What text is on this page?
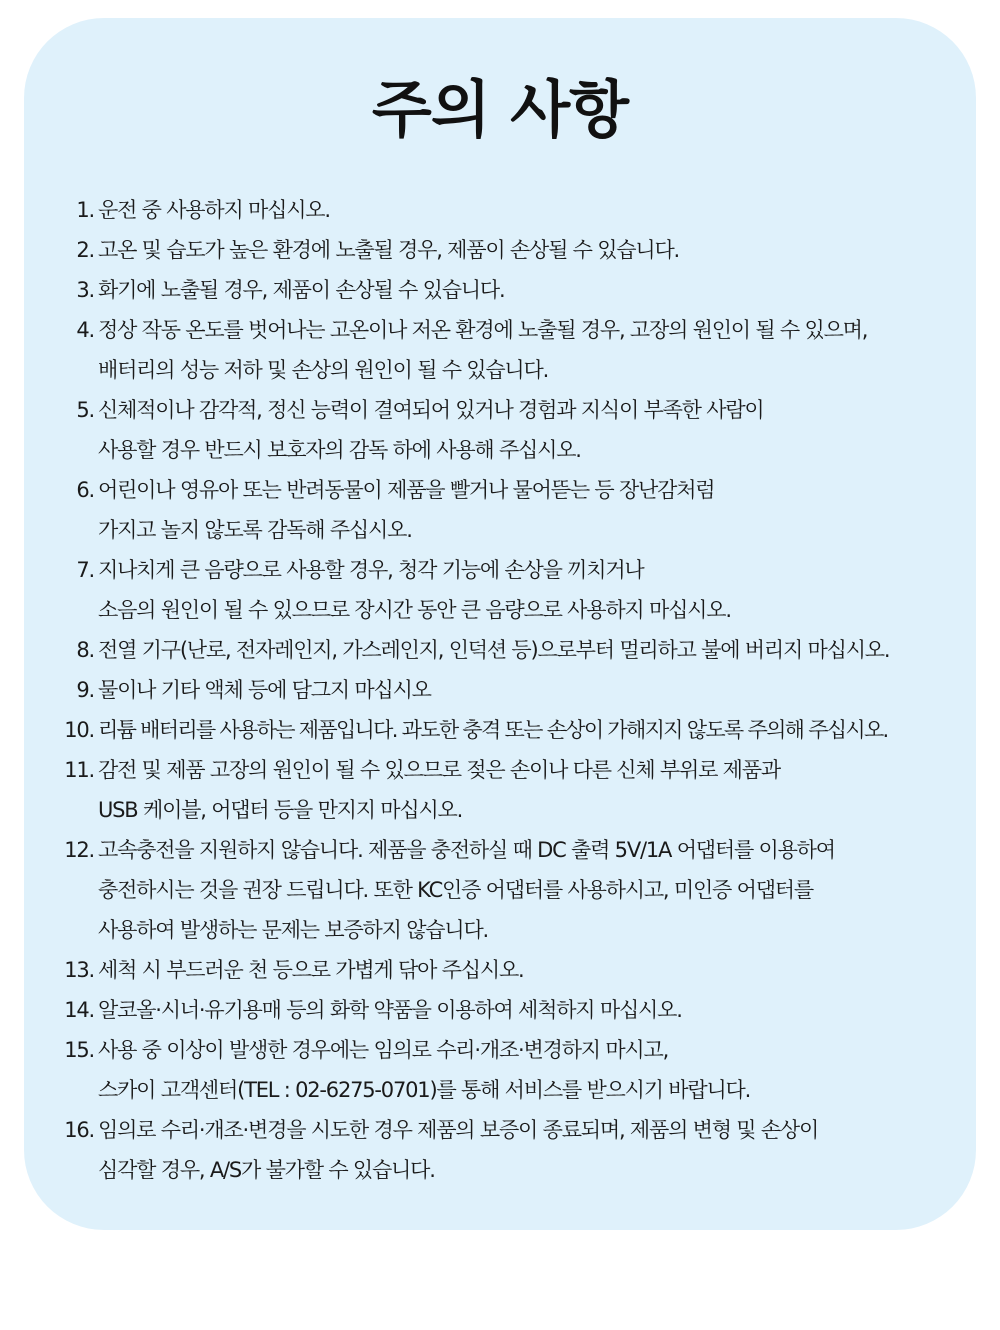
주의 사항
1. 운전 중 사용하지 마십시오.
2. 고온 및 습도가 높은 환경에 노출될 경우, 제품이 손상될 수 있습니다.
3. 화기에 노출될 경우, 제품이 손상될 수 있습니다.
4. 정상 작동 온도를 벗어나는 고온이나 저온 환경에 노출될 경우, 고장의 원인이 될 수 있으며,
배터리의 성능 저하 및 손상의 원인이 될 수 있습니다.
5. 신체적이나 감각적, 정신 능력이 결여되어 있거나 경험과 지식이 부족한 사람이
사용할 경우 반드시 보호자의 감독 하에 사용해 주십시오.
6. 어린이나 영유아 또는 반려동물이 제품을 빨거나 물어뜯는 등 장난감처럼
가지고 놀지 않도록 감독해 주십시오.
7. 지나치게 큰 음량으로 사용할 경우, 청각 기능에 손상을 끼치거나
소음의 원인이 될 수 있으므로 장시간 동안 큰 음량으로 사용하지 마십시오.
8. 전열 기구(난로, 전자레인지, 가스레인지, 인덕션 등)으로부터 멀리하고 불에 버리지 마십시오.
9. 물이나 기타 액체 등에 담그지 마십시오
10. 리튬 배터리를 사용하는 제품입니다. 과도한 충격 또는 손상이 가해지지 않도록 주의해 주십시오.
11. 감전 및 제품 고장의 원인이 될 수 있으므로 젖은 손이나 다른 신체 부위로 제품과
USB 케이블, 어댑터 등을 만지지 마십시오.
12. 고속충전을 지원하지 않습니다. 제품을 충전하실 때 DC 출력 5V/1A 어댑터를 이용하여
충전하시는 것을 권장 드립니다. 또한 KC인증 어댑터를 사용하시고, 미인증 어댑터를
사용하여 발생하는 문제는 보증하지 않습니다.
13. 세척 시 부드러운 천 등으로 가볍게 닦아 주십시오.
14. 알코올·시너·유기용매 등의 화학 약품을 이용하여 세척하지 마십시오.
15. 사용 중 이상이 발생한 경우에는 임의로 수리·개조·변경하지 마시고,
스카이 고객센터(TEL : 02-6275-0701)를 통해 서비스를 받으시기 바랍니다.
16. 임의로 수리·개조·변경을 시도한 경우 제품의 보증이 종료되며, 제품의 변형 및 손상이
심각할 경우, A/S가 불가할 수 있습니다.
